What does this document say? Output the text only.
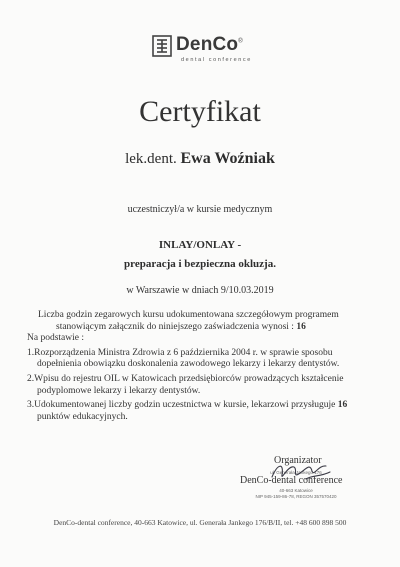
DenCo®
dental conference
Certyfikat
lek.dent. Ewa Woźniak
uczestniczył/a w kursie medycznym
INLAY/ONLAY -
preparacja i bezpieczna okluzja.
w Warszawie w dniach 9/10.03.2019

Liczba godzin zegarowych kursu udokumentowana szczegółowym programem
stanowiącym załącznik do niniejszego zaświadczenia wynosi : 16

Na podstawie :

1.Rozporządzenia Ministra Zdrowia z 6 października 2004 r. w sprawie sposobu dopełnienia obowiązku doskonalenia zawodowego lekarzy i lekarzy dentystów.

2.Wpisu do rejestru OIL w Katowicach przedsiębiorców prowadzących kształcenie podyplomowe lekarzy i lekarzy dentystów.

3.Udokumentowanej liczby godzin uczestnictwa w kursie, lekarzowi przysługuje 16 punktów edukacyjnych.

ul. Generała Jankego 176
40-663 Katowice
NIP 945-159-86-78, REGON 357570420
Organizator
DenCo-dental conference
DenCo-dental conference, 40-663 Katowice, ul. Generała Jankego 176/B/II, tel. +48 600 898 500
